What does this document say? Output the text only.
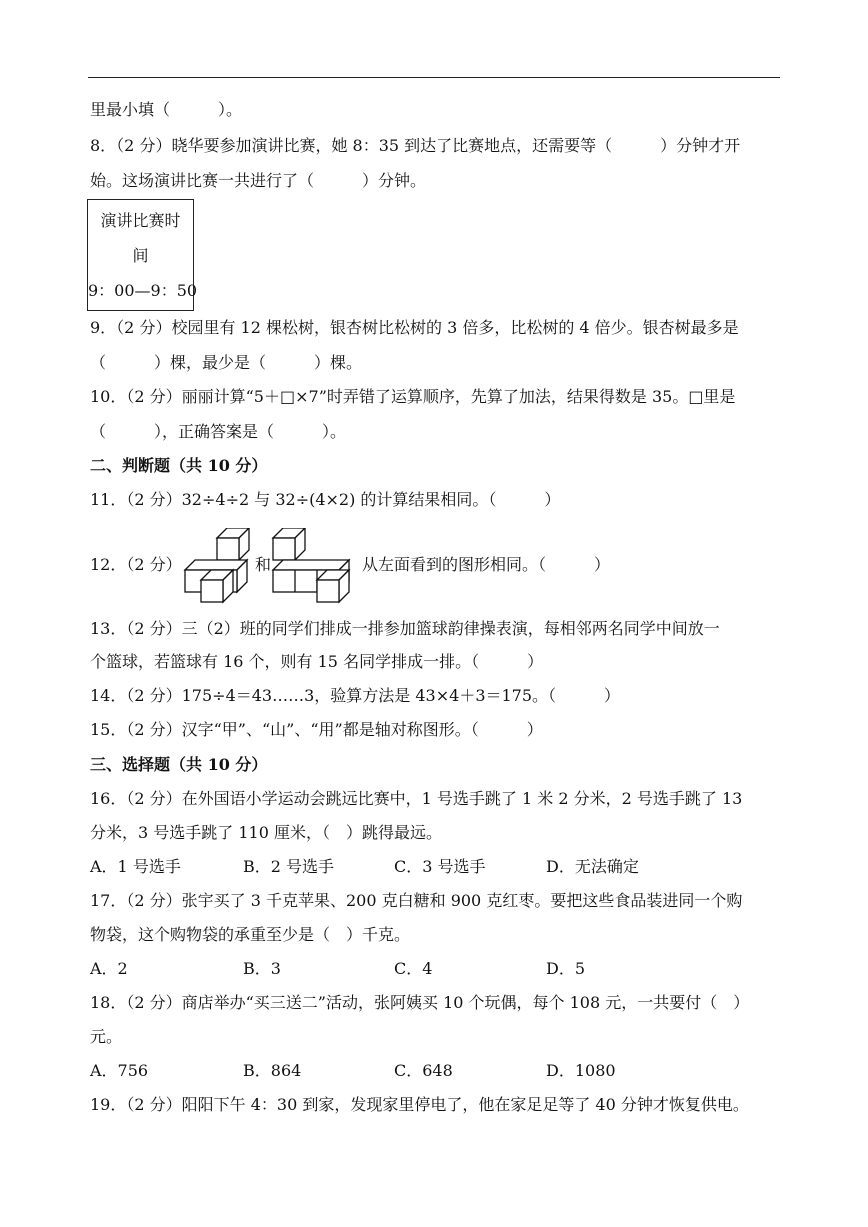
里最小填（　　　）。
8．（2 分）晓华要参加演讲比赛，她 8：35 到达了比赛地点，还需要等（　　　）分钟才开
始。这场演讲比赛一共进行了（　　　）分钟。
演讲比赛时
间
9：00—9：50
9．（2 分）校园里有 12 棵松树，银杏树比松树的 3 倍多，比松树的 4 倍少。银杏树最多是
（　　　）棵，最少是（　　　）棵。
10．（2 分）丽丽计算“5＋□×7”时弄错了运算顺序，先算了加法，结果得数是 35。□里是
（　　　），正确答案是（　　　）。
二、判断题（共 10 分）
11．（2 分）32÷4÷2 与 32÷(4×2) 的计算结果相同。（　　　）
12．（2 分）	和	从左面看到的图形相同。（　　　）
13．（2 分）三（2）班的同学们排成一排参加篮球韵律操表演，每相邻两名同学中间放一
个篮球，若篮球有 16 个，则有 15 名同学排成一排。（　　　）
14．（2 分）175÷4＝43……3，验算方法是 43×4＋3＝175。（　　　）
15．（2 分）汉字“甲”、“山”、“用”都是轴对称图形。（　　　）
三、选择题（共 10 分）
16．（2 分）在外国语小学运动会跳远比赛中，1 号选手跳了 1 米 2 分米，2 号选手跳了 13
分米，3 号选手跳了 110 厘米，（　）跳得最远。
A．1 号选手	B．2 号选手	C．3 号选手	D．无法确定
17．（2 分）张宇买了 3 千克苹果、200 克白糖和 900 克红枣。要把这些食品装进同一个购
物袋，这个购物袋的承重至少是（　）千克。
A．2	B．3	C．4	D．5
18．（2 分）商店举办“买三送二”活动，张阿姨买 10 个玩偶，每个 108 元，一共要付（　）
元。
A．756	B．864	C．648	D．1080
19．（2 分）阳阳下午 4：30 到家，发现家里停电了，他在家足足等了 40 分钟才恢复供电。
